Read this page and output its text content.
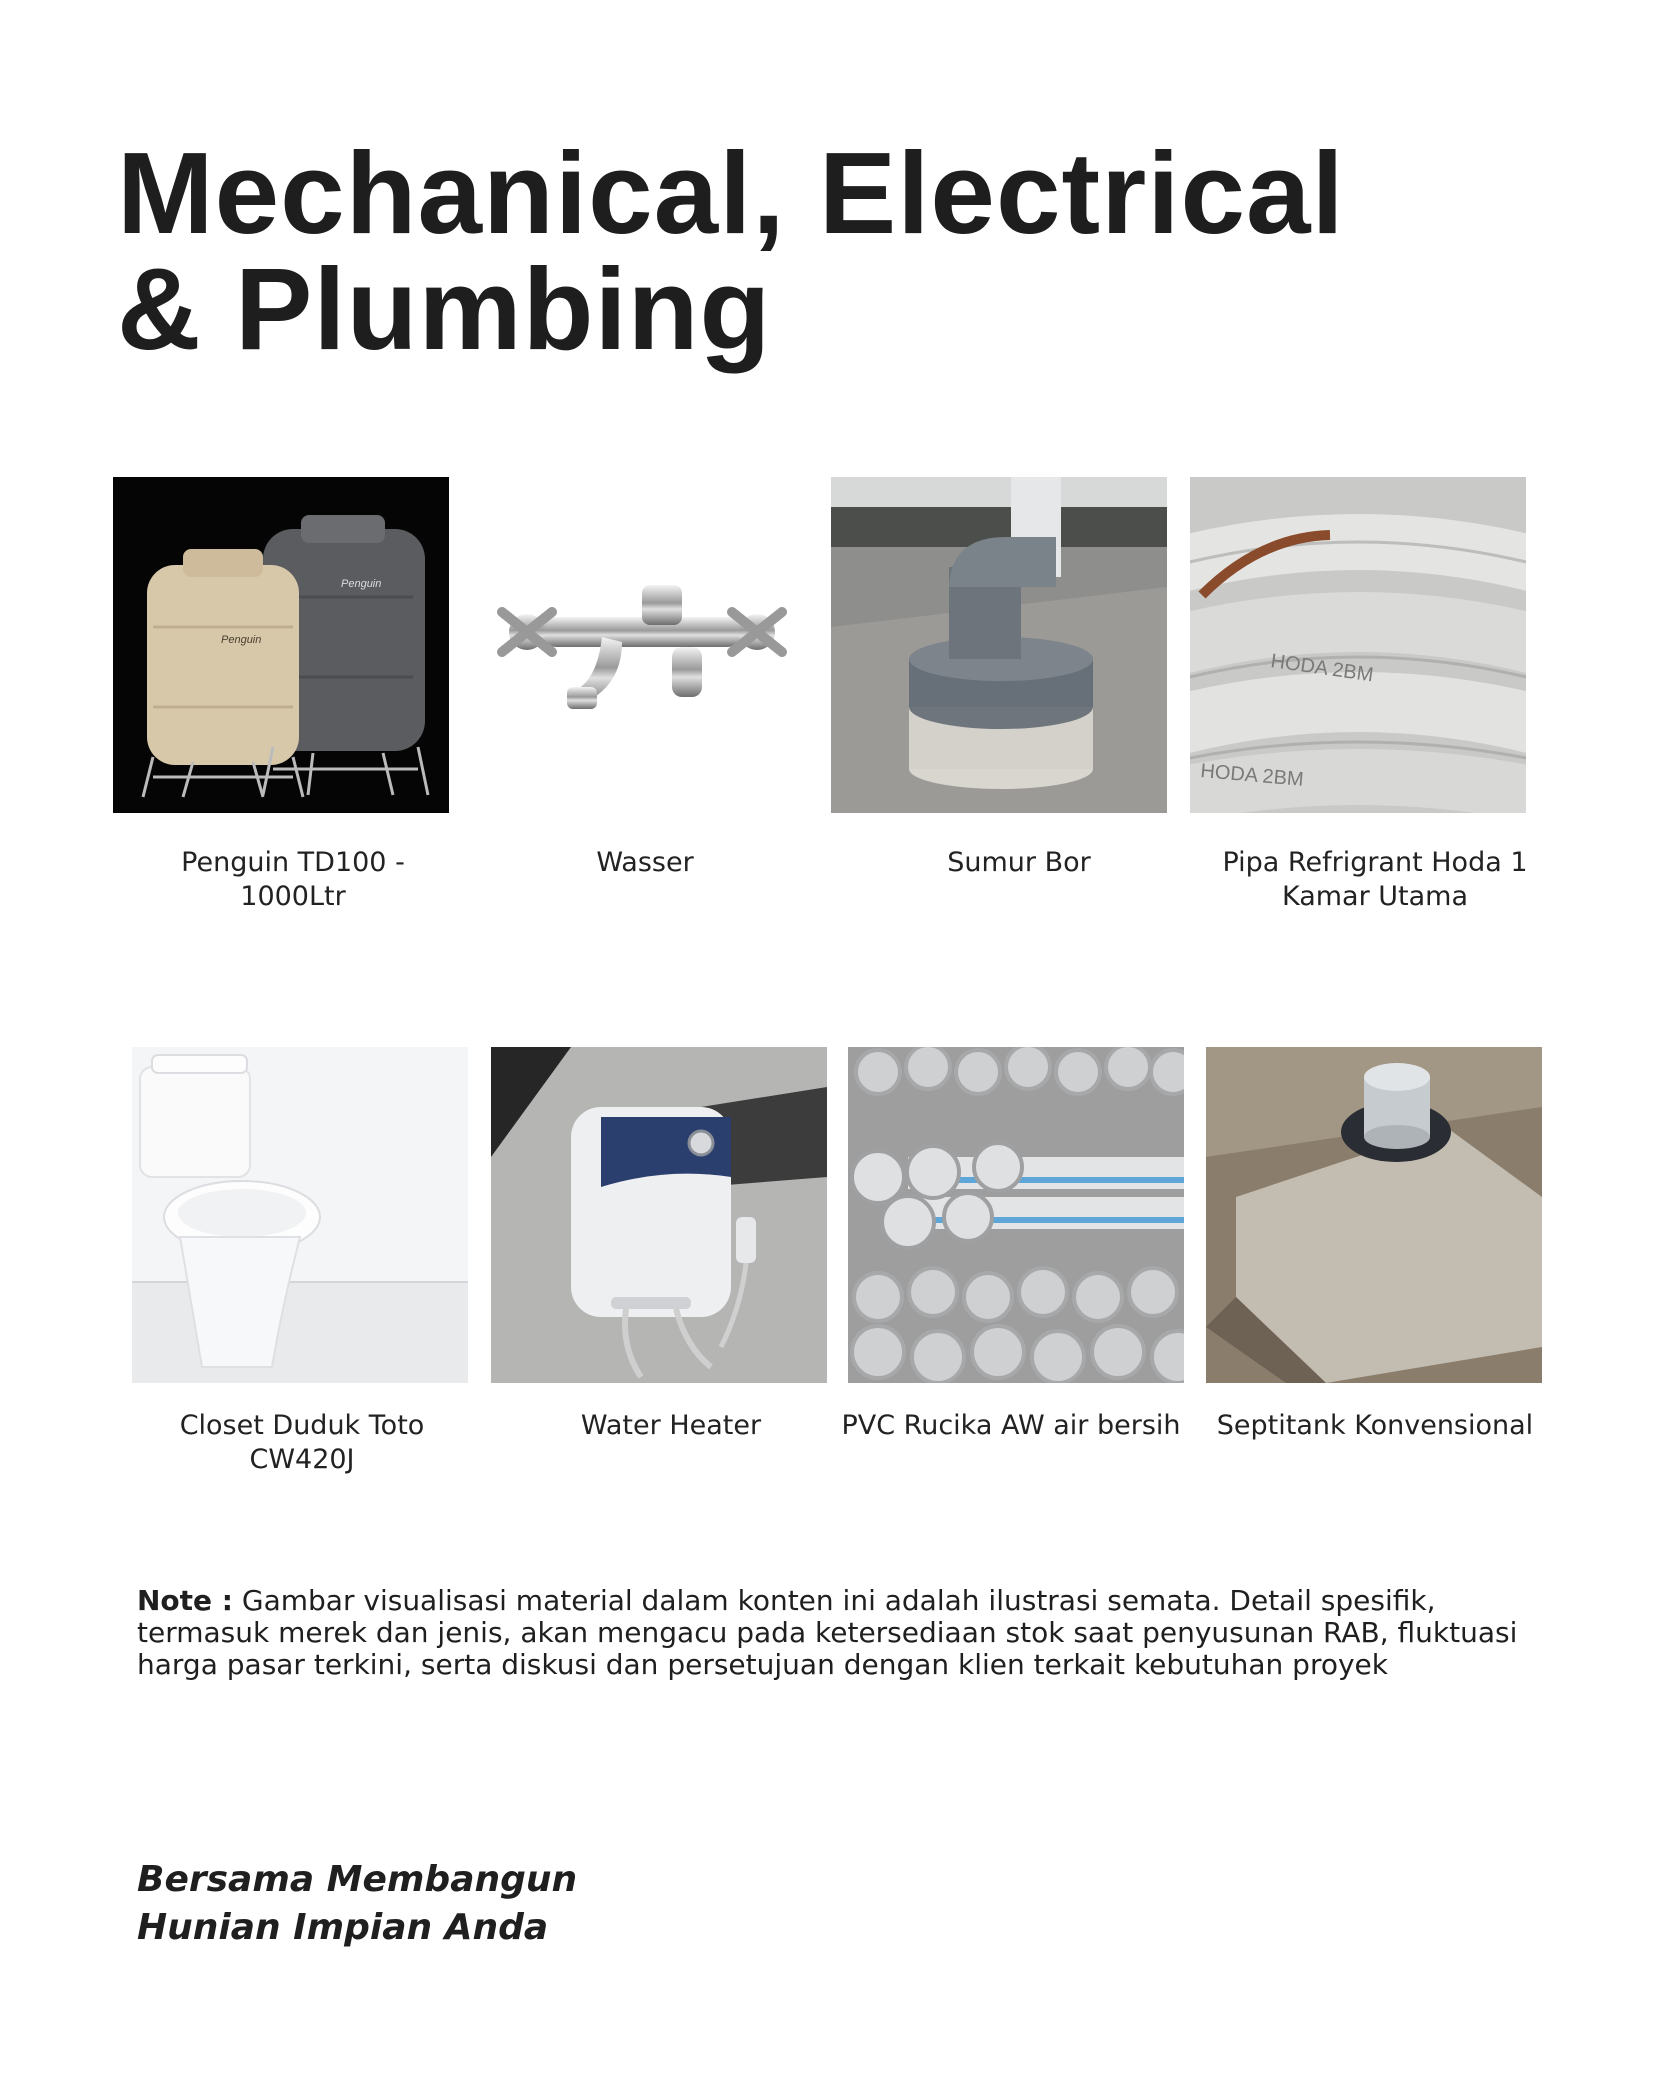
Mechanical, Electrical
& Plumbing
Penguin
Penguin
HODA 2BM
HODA 2BM
Penguin TD100 -
1000Ltr
Wasser	Sumur Bor	Pipa Refrigrant Hoda 1
Kamar Utama
Closet Duduk Toto
CW420J
Water Heater	PVC Rucika AW air bersih	Septitank Konvensional
Note : Gambar visualisasi material dalam konten ini adalah ilustrasi semata. Detail spesifik, termasuk merek dan jenis, akan mengacu pada ketersediaan stok saat penyusunan RAB, fluktuasi harga pasar terkini, serta diskusi dan persetujuan dengan klien terkait kebutuhan proyek
Bersama Membangun
Hunian Impian Anda
